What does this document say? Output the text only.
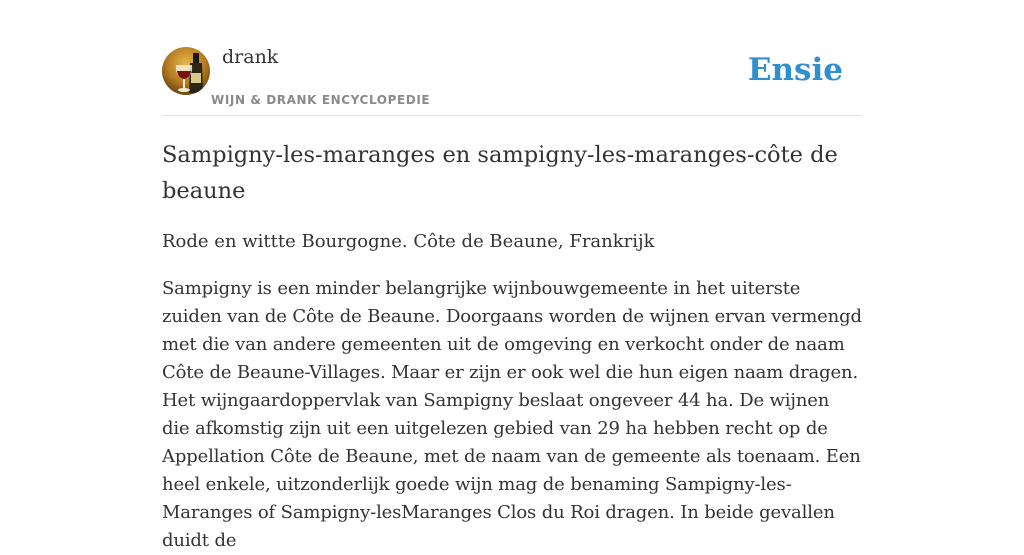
drank
WIJN & DRANK ENCYCLOPEDIE
Ensie
Sampigny-les-maranges en sampigny-les-maranges-côte de beaune

Rode en wittte Bourgogne. Côte de Beaune, Frankrijk

Sampigny is een minder belangrijke wijnbouwgemeente in het uiterste zuiden van de Côte de Beaune. Doorgaans worden de wijnen ervan vermengd met die van andere gemeenten uit de omgeving en verkocht onder de naam Côte de Beaune-Villages. Maar er zijn er ook wel die hun eigen naam dragen. Het wijngaardoppervlak van Sampigny beslaat ongeveer 44 ha. De wijnen die afkomstig zijn uit een uitgelezen gebied van 29 ha hebben recht op de Appellation Côte de Beaune, met de naam van de gemeente als toenaam. Een heel enkele, uitzonderlijk goede wijn mag de benaming Sampigny-les-Maranges of Sampigny-lesMaranges Clos du Roi dragen. In beide gevallen duidt de
